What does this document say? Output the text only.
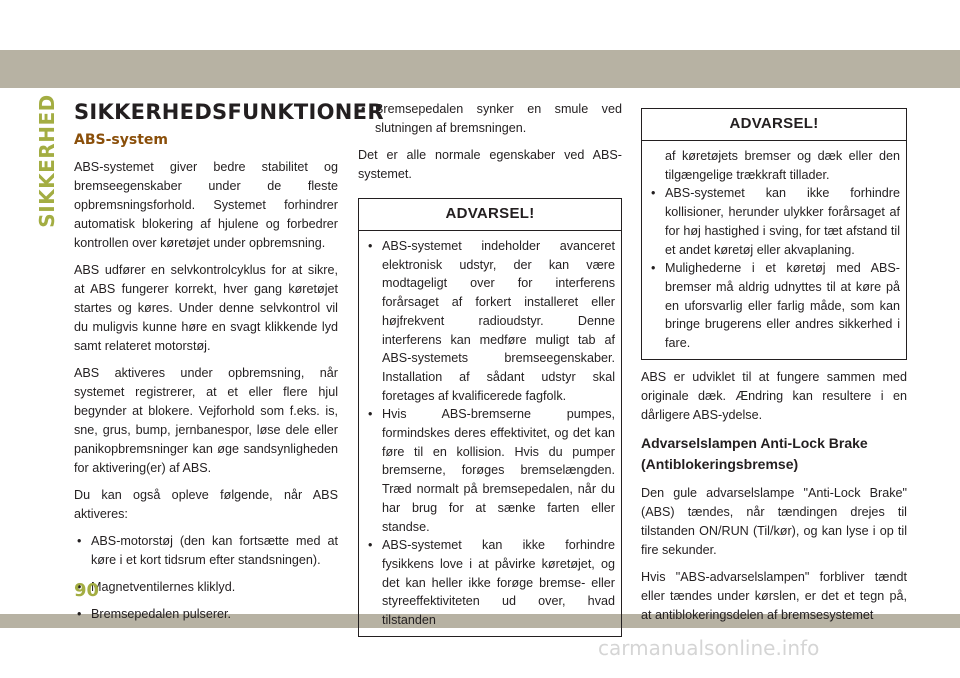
SIKKERHED SIKKERHEDSFUNKTIONER
ABS-system

ABS-systemet giver bedre stabilitet og bremseegenskaber under de fleste opbremsningsforhold. Systemet forhindrer automatisk blokering af hjulene og forbedrer kontrollen over køretøjet under opbremsning.

ABS udfører en selvkontrolcyklus for at sikre, at ABS fungerer korrekt, hver gang køretøjet startes og køres. Under denne selvkontrol vil du muligvis kunne høre en svagt klikkende lyd samt relateret motorstøj.

ABS aktiveres under opbremsning, når systemet registrerer, at et eller flere hjul begynder at blokere. Vejforhold som f.eks. is, sne, grus, bump, jernbanespor, løse dele eller panikopbremsninger kan øge sandsynligheden for aktivering(er) af ABS.

Du kan også opleve følgende, når ABS aktiveres:

• ABS-motorstøj (den kan fortsætte med at køre i et kort tidsrum efter standsningen).
• Magnetventilernes kliklyd.
• Bremsepedalen pulserer.
• Bremsepedalen synker en smule ved slutningen af bremsningen.

Det er alle normale egenskaber ved ABS-systemet.

ADVARSEL!
• ABS-systemet indeholder avanceret elektronisk udstyr, der kan være modtageligt over for interferens forårsaget af forkert installeret eller højfrekvent radioudstyr. Denne interferens kan medføre muligt tab af ABS-systemets bremseegenskaber. Installation af sådant udstyr skal foretages af kvalificerede fagfolk.
• Hvis ABS-bremserne pumpes, formindskes deres effektivitet, og det kan føre til en kollision. Hvis du pumper bremserne, forøges bremselængden. Træd normalt på bremsepedalen, når du har brug for at sænke farten eller standse.
• ABS-systemet kan ikke forhindre fysikkens love i at påvirke køretøjet, og det kan heller ikke forøge bremse- eller styreeffektiviteten ud over, hvad tilstanden
ADVARSEL!
af køretøjets bremser og dæk eller den tilgængelige trækkraft tillader.
• ABS-systemet kan ikke forhindre kollisioner, herunder ulykker forårsaget af for høj hastighed i sving, for tæt afstand til et andet køretøj eller akvaplaning.
• Mulighederne i et køretøj med ABS-bremser må aldrig udnyttes til at køre på en uforsvarlig eller farlig måde, som kan bringe brugerens eller andres sikkerhed i fare.

ABS er udviklet til at fungere sammen med originale dæk. Ændring kan resultere i en dårligere ABS-ydelse.

Advarselslampen Anti-Lock Brake (Antiblokeringsbremse)

Den gule advarselslampe "Anti-Lock Brake" (ABS) tændes, når tændingen drejes til tilstanden ON/RUN (Til/kør), og kan lyse i op til fire sekunder.

Hvis "ABS-advarselslampen" forbliver tændt eller tændes under kørslen, er det et tegn på, at antiblokeringsdelen af bremsesystemet

90
carmanualsonline.info
